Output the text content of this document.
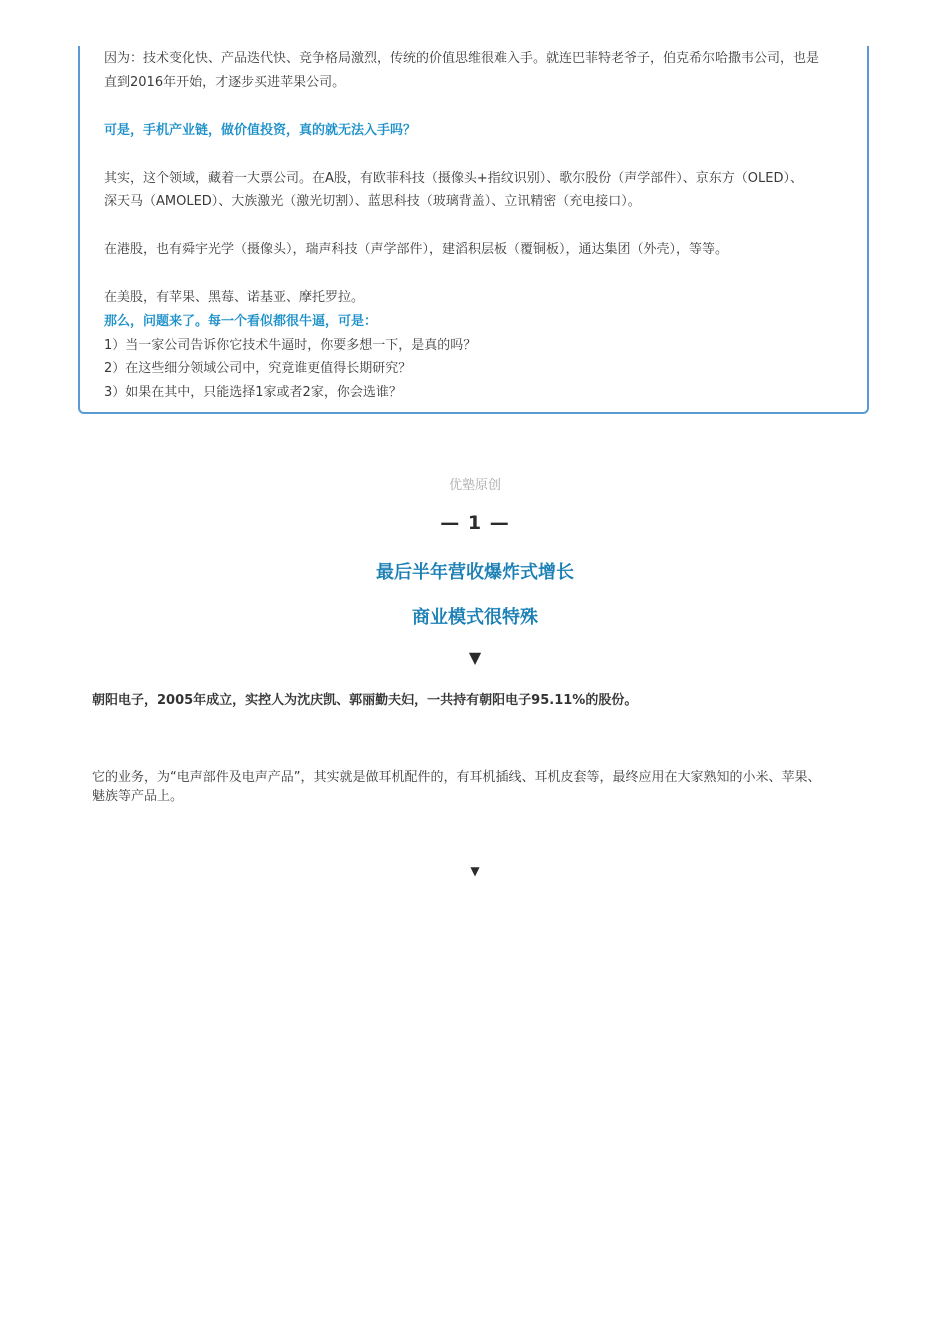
因为：技术变化快、产品迭代快、竞争格局激烈，传统的价值思维很难入手。就连巴菲特老爷子，伯克希尔哈撒韦公司，也是
直到2016年开始，才逐步买进苹果公司。
可是，手机产业链，做价值投资，真的就无法入手吗？
其实，这个领域，藏着一大票公司。在A股，有欧菲科技（摄像头+指纹识别）、歌尔股份（声学部件）、京东方（OLED）、
深天马（AMOLED）、大族激光（激光切割）、蓝思科技（玻璃背盖）、立讯精密（充电接口）。
在港股，也有舜宇光学（摄像头），瑞声科技（声学部件），建滔积层板（覆铜板），通达集团（外壳），等等。
在美股，有苹果、黑莓、诺基亚、摩托罗拉。
那么，问题来了。每一个看似都很牛逼，可是：
1）当一家公司告诉你它技术牛逼时，你要多想一下，是真的吗？
2）在这些细分领域公司中，究竟谁更值得长期研究？
3）如果在其中，只能选择1家或者2家，你会选谁？
优塾原创
— 1 —
最后半年营收爆炸式增长
商业模式很特殊
▼
朝阳电子，2005年成立，实控人为沈庆凯、郭丽勤夫妇，一共持有朝阳电子95.11%的股份。
它的业务，为“电声部件及电声产品”，其实就是做耳机配件的，有耳机插线、耳机皮套等，最终应用在大家熟知的小米、苹果、
魅族等产品上。
▼
